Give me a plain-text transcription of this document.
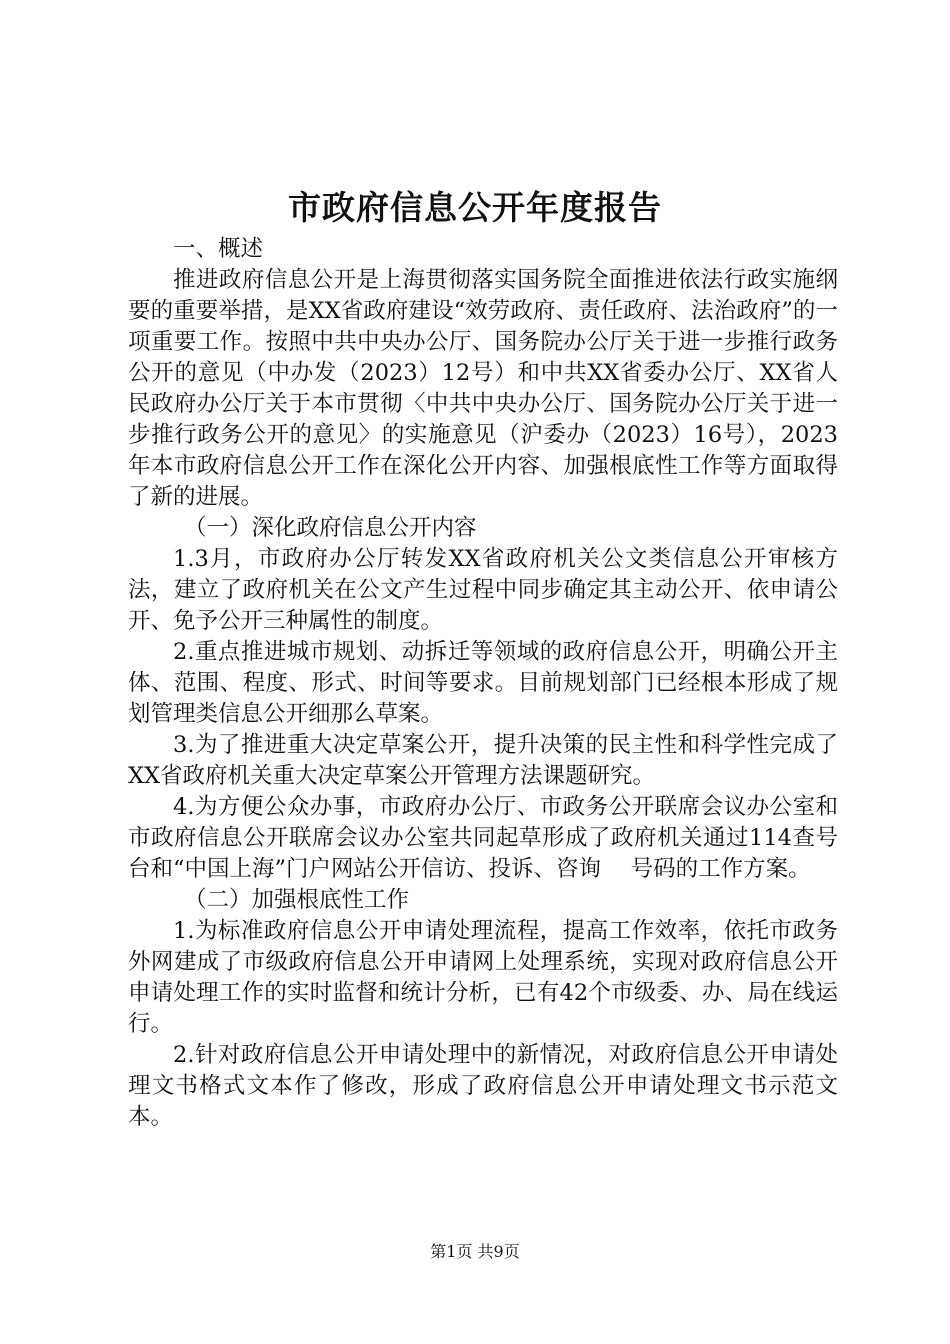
市政府信息公开年度报告

一、概述

推进政府信息公开是上海贯彻落实国务院全面推进依法行政实施纲要的重要举措，是XX省政府建设“效劳政府、责任政府、法治政府”的一项重要工作。按照中共中央办公厅、国务院办公厅关于进一步推行政务公开的意见（中办发（2023）12号）和中共XX省委办公厅、XX省人民政府办公厅关于本市贯彻〈中共中央办公厅、国务院办公厅关于进一步推行政务公开的意见〉的实施意见（沪委办（2023）16号），2023年本市政府信息公开工作在深化公开内容、加强根底性工作等方面取得了新的进展。

（一）深化政府信息公开内容

1.3月，市政府办公厅转发XX省政府机关公文类信息公开审核方法，建立了政府机关在公文产生过程中同步确定其主动公开、依申请公开、免予公开三种属性的制度。

2.重点推进城市规划、动拆迁等领域的政府信息公开，明确公开主体、范围、程度、形式、时间等要求。目前规划部门已经根本形成了规划管理类信息公开细那么草案。

3.为了推进重大决定草案公开，提升决策的民主性和科学性完成了XX省政府机关重大决定草案公开管理方法课题研究。

4.为方便公众办事，市政府办公厅、市政务公开联席会议办公室和市政府信息公开联席会议办公室共同起草形成了政府机关通过114查号台和“中国上海”门户网站公开信访、投诉、咨询　 号码的工作方案。

（二）加强根底性工作

1.为标准政府信息公开申请处理流程，提高工作效率，依托市政务外网建成了市级政府信息公开申请网上处理系统，实现对政府信息公开申请处理工作的实时监督和统计分析，已有42个市级委、办、局在线运行。

2.针对政府信息公开申请处理中的新情况，对政府信息公开申请处理文书格式文本作了修改，形成了政府信息公开申请处理文书示范文本。

第1页 共9页
